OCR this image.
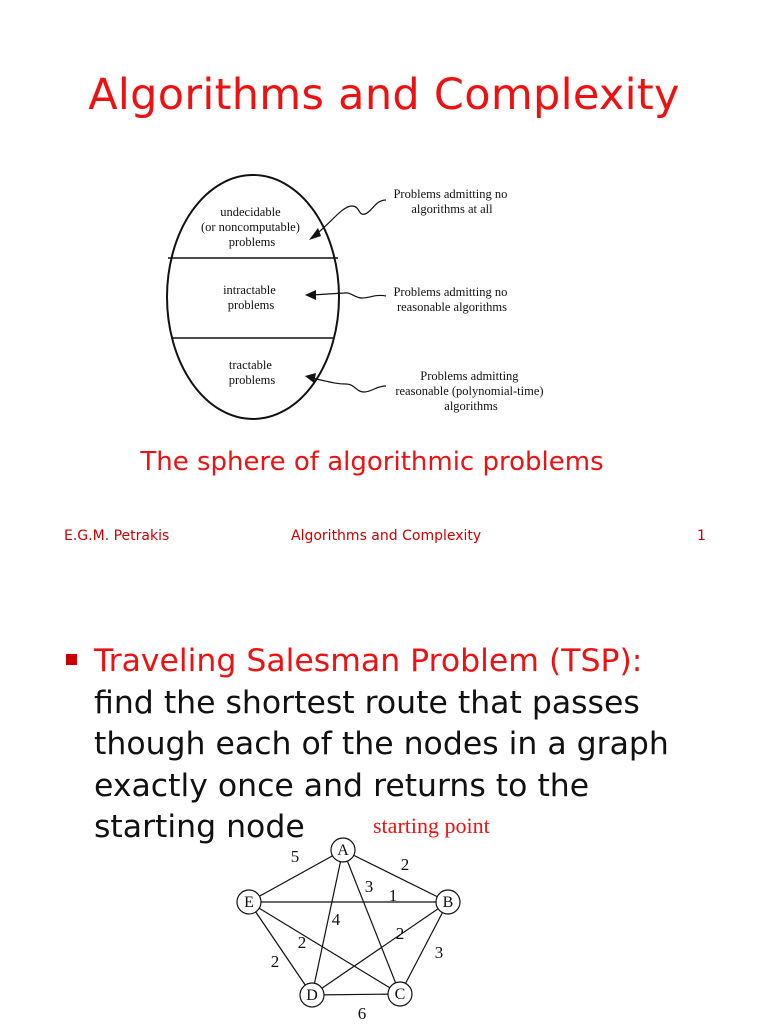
Algorithms and Complexity
undecidable (or noncomputable) problems
intractable problems
tractable problems
Problems admitting no algorithms at all
Problems admitting no reasonable algorithms
Problems admitting reasonable (polynomial-time) algorithms
The sphere of algorithmic problems
E.G.M. Petrakis	Algorithms and Complexity	1
Traveling Salesman Problem (TSP):
find the shortest route that passes
though each of the nodes in a graph
exactly once and returns to the
starting node
A
B
C
D
E
5	2
3
4
1
2
2
2
3
6
starting point
